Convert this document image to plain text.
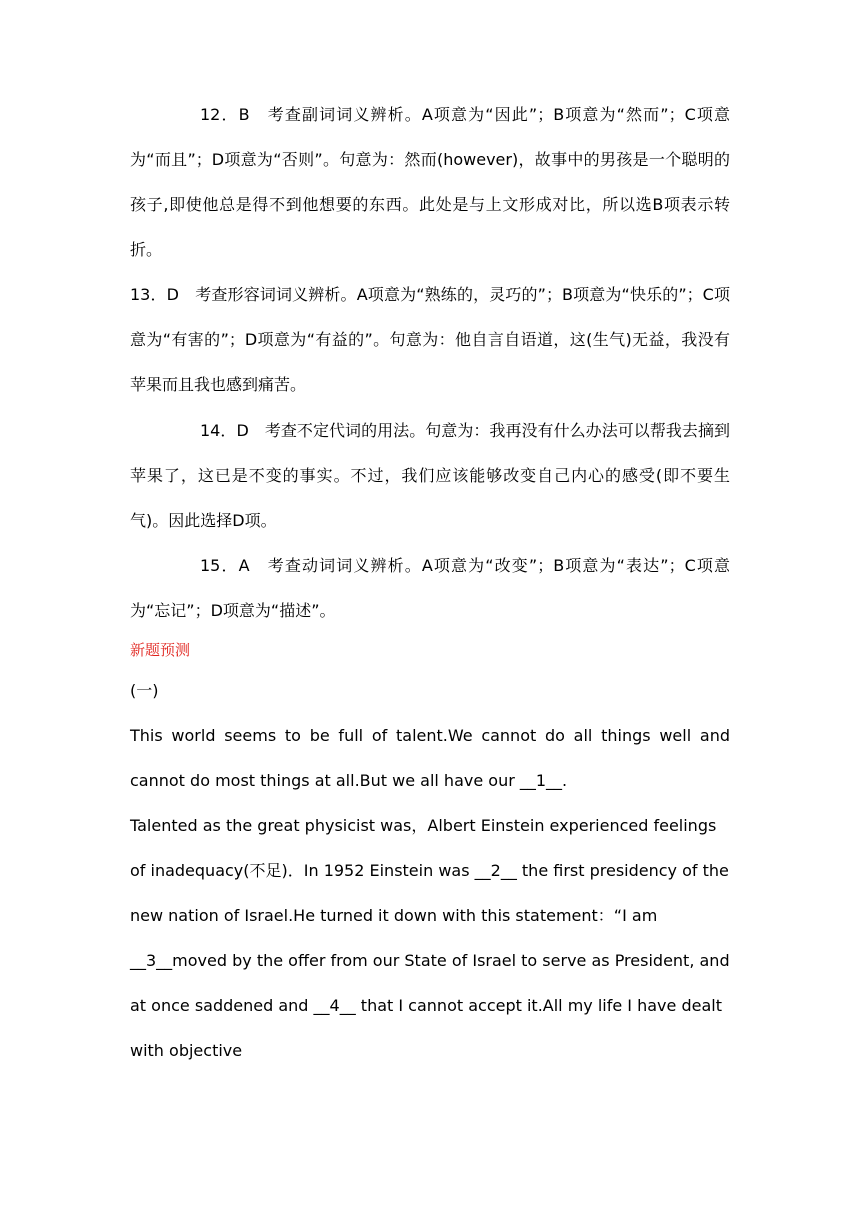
12．B　考查副词词义辨析。A项意为“因此”；B项意为“然而”；C项意为“而且”；D项意为“否则”。句意为：然而(however)，故事中的男孩是一个聪明的孩子,即使他总是得不到他想要的东西。此处是与上文形成对比，所以选B项表示转折。

13．D　考查形容词词义辨析。A项意为“熟练的，灵巧的”；B项意为“快乐的”；C项意为“有害的”；D项意为“有益的”。句意为：他自言自语道，这(生气)无益，我没有苹果而且我也感到痛苦。

14．D　考查不定代词的用法。句意为：我再没有什么办法可以帮我去摘到苹果了，这已是不变的事实。不过，我们应该能够改变自己内心的感受(即不要生气)。因此选择D项。

15．A　考查动词词义辨析。A项意为“改变”；B项意为“表达”；C项意为“忘记”；D项意为“描述”。

新题预测

(一)

This world seems to be full of talent.We cannot do all things well and cannot do most things at all.But we all have our __1__.

Talented as the great physicist was，Albert Einstein experienced feelings of inadequacy(不足)．In 1952 Einstein was __2__ the first presidency of the new nation of Israel.He turned it down with this statement：“I am __3__moved by the offer from our State of Israel to serve as President, and at once saddened and __4__ that I cannot accept it.All my life I have dealt with objective
